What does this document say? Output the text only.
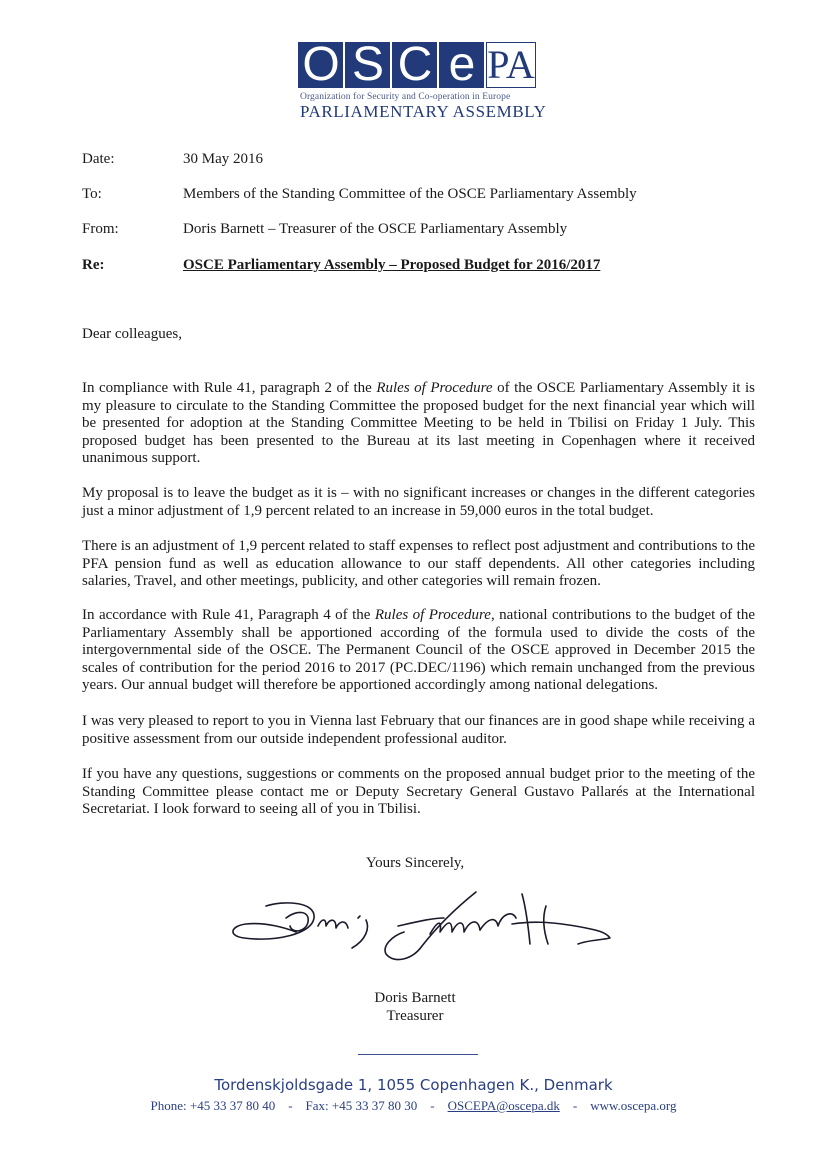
O S C e PA
Organization for Security and Co-operation in Europe
PARLIAMENTARY ASSEMBLY
Date:	30 May 2016
To:	Members of the Standing Committee of the OSCE Parliamentary Assembly
From:	Doris Barnett – Treasurer of the OSCE Parliamentary Assembly
Re:	OSCE Parliamentary Assembly – Proposed Budget for 2016/2017
Dear colleagues,
In compliance with Rule 41, paragraph 2 of the Rules of Procedure of the OSCE Parliamentary Assembly it is my pleasure to circulate to the Standing Committee the proposed budget for the next financial year which will be presented for adoption at the Standing Committee Meeting to be held in Tbilisi on Friday 1 July. This proposed budget has been presented to the Bureau at its last meeting in Copenhagen where it received unanimous support.
My proposal is to leave the budget as it is – with no significant increases or changes in the different categories just a minor adjustment of 1,9 percent related to an increase in 59,000 euros in the total budget.
There is an adjustment of 1,9 percent related to staff expenses to reflect post adjustment and contributions to the PFA pension fund as well as education allowance to our staff dependents. All other categories including salaries, Travel, and other meetings, publicity, and other categories will remain frozen.
In accordance with Rule 41, Paragraph 4 of the Rules of Procedure, national contributions to the budget of the Parliamentary Assembly shall be apportioned according of the formula used to divide the costs of the intergovernmental side of the OSCE. The Permanent Council of the OSCE approved in December 2015 the scales of contribution for the period 2016 to 2017 (PC.DEC/1196) which remain unchanged from the previous years. Our annual budget will therefore be apportioned accordingly among national delegations.
I was very pleased to report to you in Vienna last February that our finances are in good shape while receiving a positive assessment from our outside independent professional auditor.
If you have any questions, suggestions or comments on the proposed annual budget prior to the meeting of the Standing Committee please contact me or Deputy Secretary General Gustavo Pallarés at the International Secretariat. I look forward to seeing all of you in Tbilisi.
Yours Sincerely,
Doris Barnett
Treasurer
Tordenskjoldsgade 1, 1055 Copenhagen K., Denmark
Phone: +45 33 37 80 40 - Fax: +45 33 37 80 30 - OSCEPA@oscepa.dk - www.oscepa.org
